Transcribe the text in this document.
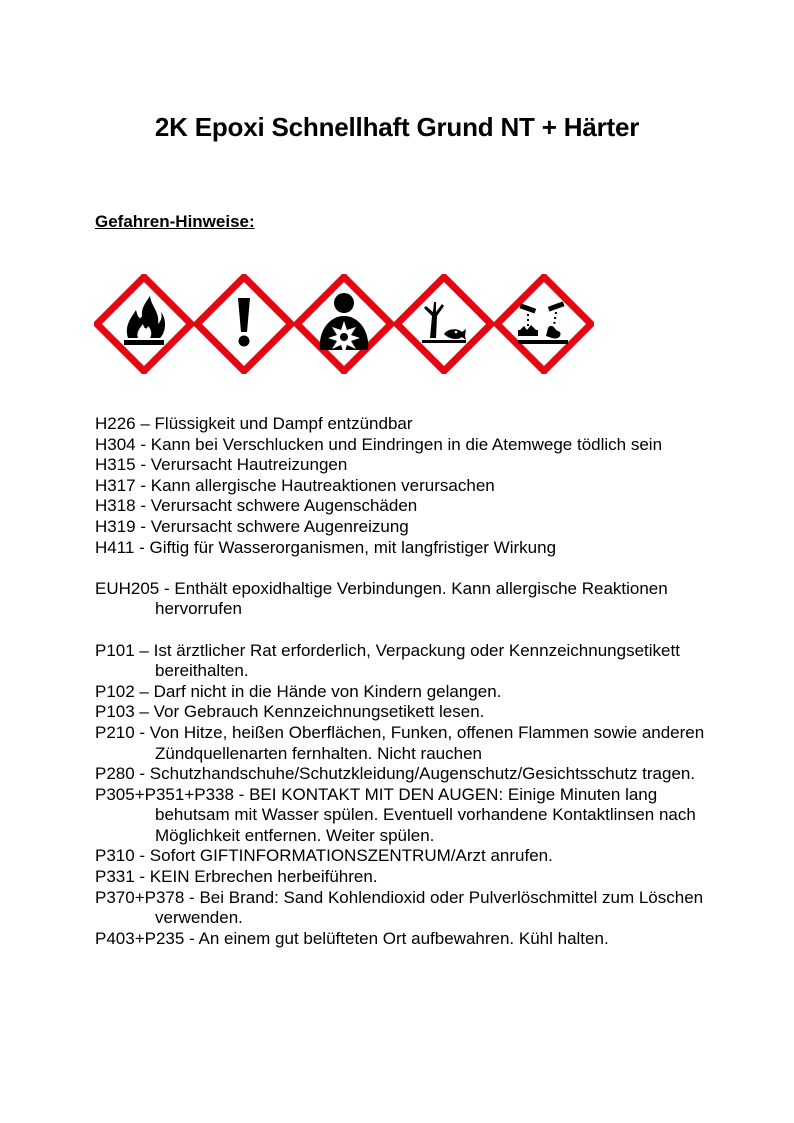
2K Epoxi Schnellhaft Grund NT + Härter
Gefahren-Hinweise:

H226 – Flüssigkeit und Dampf entzündbar

H304 - Kann bei Verschlucken und Eindringen in die Atemwege tödlich sein

H315 - Verursacht Hautreizungen

H317 - Kann allergische Hautreaktionen verursachen

H318 - Verursacht schwere Augenschäden

H319 - Verursacht schwere Augenreizung

H411 - Giftig für Wasserorganismen, mit langfristiger Wirkung

EUH205 - Enthält epoxidhaltige Verbindungen. Kann allergische Reaktionen hervorrufen

P101 – Ist ärztlicher Rat erforderlich, Verpackung oder Kennzeichnungsetikett bereithalten.

P102 – Darf nicht in die Hände von Kindern gelangen.

P103 – Vor Gebrauch Kennzeichnungsetikett lesen.

P210 - Von Hitze, heißen Oberflächen, Funken, offenen Flammen sowie anderen Zündquellenarten fernhalten. Nicht rauchen

P280 - Schutzhandschuhe/Schutzkleidung/Augenschutz/Gesichtsschutz tragen.

P305+P351+P338 - BEI KONTAKT MIT DEN AUGEN: Einige Minuten lang behutsam mit Wasser spülen. Eventuell vorhandene Kontaktlinsen nach Möglichkeit entfernen. Weiter spülen.

P310 - Sofort GIFTINFORMATIONSZENTRUM/Arzt anrufen.

P331 - KEIN Erbrechen herbeiführen.

P370+P378 - Bei Brand: Sand Kohlendioxid oder Pulverlöschmittel zum Löschen verwenden.

P403+P235 - An einem gut belüfteten Ort aufbewahren. Kühl halten.
